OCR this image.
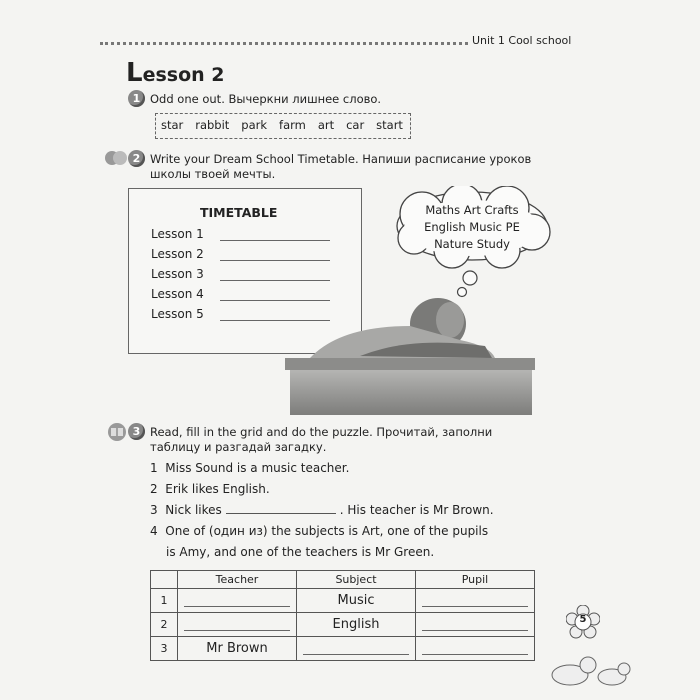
Unit 1 Cool school
Lesson 2
1 Odd one out. Вычеркни лишнее слово.
star rabbit park farm art car start
2 Write your Dream School Timetable. Напиши расписание уроков
школы твоей мечты.
TIMETABLE
Lesson 1
Lesson 2
Lesson 3
Lesson 4
Lesson 5
Maths Art Crafts
English Music PE
Nature Study
3 Read, fill in the grid and do the puzzle. Прочитай, заполни
таблицу и разгадай загадку.
1 Miss Sound is a music teacher.
2 Erik likes English.
3 Nick likes	. His teacher is Mr Brown.
4 One of (один из) the subjects is Art, one of the pupils
is Amy, and one of the teachers is Mr Green.
	Teacher	Subject	Pupil
1		Music	

2		English	

3	Mr Brown	

5
